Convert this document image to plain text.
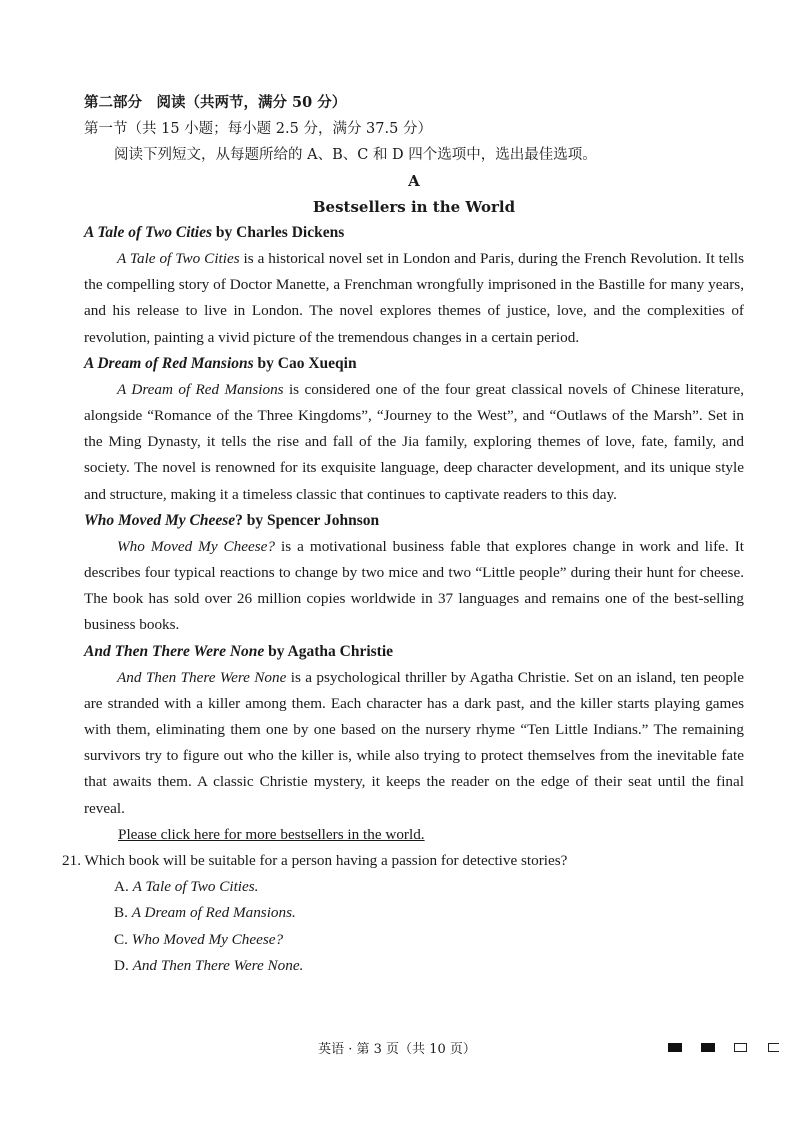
第二部分　阅读（共两节，满分 50 分）
第一节（共 15 小题；每小题 2.5 分，满分 37.5 分）
阅读下列短文，从每题所给的 A、B、C 和 D 四个选项中，选出最佳选项。
A
Bestsellers in the World
A Tale of Two Cities by Charles Dickens

A Tale of Two Cities is a historical novel set in London and Paris, during the French Revolution. It tells the compelling story of Doctor Manette, a Frenchman wrongfully imprisoned in the Bastille for many years, and his release to live in London. The novel explores themes of justice, love, and the complexities of revolution, painting a vivid picture of the tremendous changes in a certain period.

A Dream of Red Mansions by Cao Xueqin

A Dream of Red Mansions is considered one of the four great classical novels of Chinese literature, alongside “Romance of the Three Kingdoms”, “Journey to the West”, and “Outlaws of the Marsh”. Set in the Ming Dynasty, it tells the rise and fall of the Jia family, exploring themes of love, fate, family, and society. The novel is renowned for its exquisite language, deep character development, and its unique style and structure, making it a timeless classic that continues to captivate readers to this day.

Who Moved My Cheese? by Spencer Johnson

Who Moved My Cheese? is a motivational business fable that explores change in work and life. It describes four typical reactions to change by two mice and two “Little people” during their hunt for cheese. The book has sold over 26 million copies worldwide in 37 languages and remains one of the best-selling business books.

And Then There Were None by Agatha Christie

And Then There Were None is a psychological thriller by Agatha Christie. Set on an island, ten people are stranded with a killer among them. Each character has a dark past, and the killer starts playing games with them, eliminating them one by one based on the nursery rhyme “Ten Little Indians.” The remaining survivors try to figure out who the killer is, while also trying to protect themselves from the inevitable fate that awaits them. A classic Christie mystery, it keeps the reader on the edge of their seat until the final reveal.

Please click here for more bestsellers in the world.
21. Which book will be suitable for a person having a passion for detective stories?
A. A Tale of Two Cities.
B. A Dream of Red Mansions.
C. Who Moved My Cheese?
D. And Then There Were None.
英语 · 第 3 页（共 10 页）
